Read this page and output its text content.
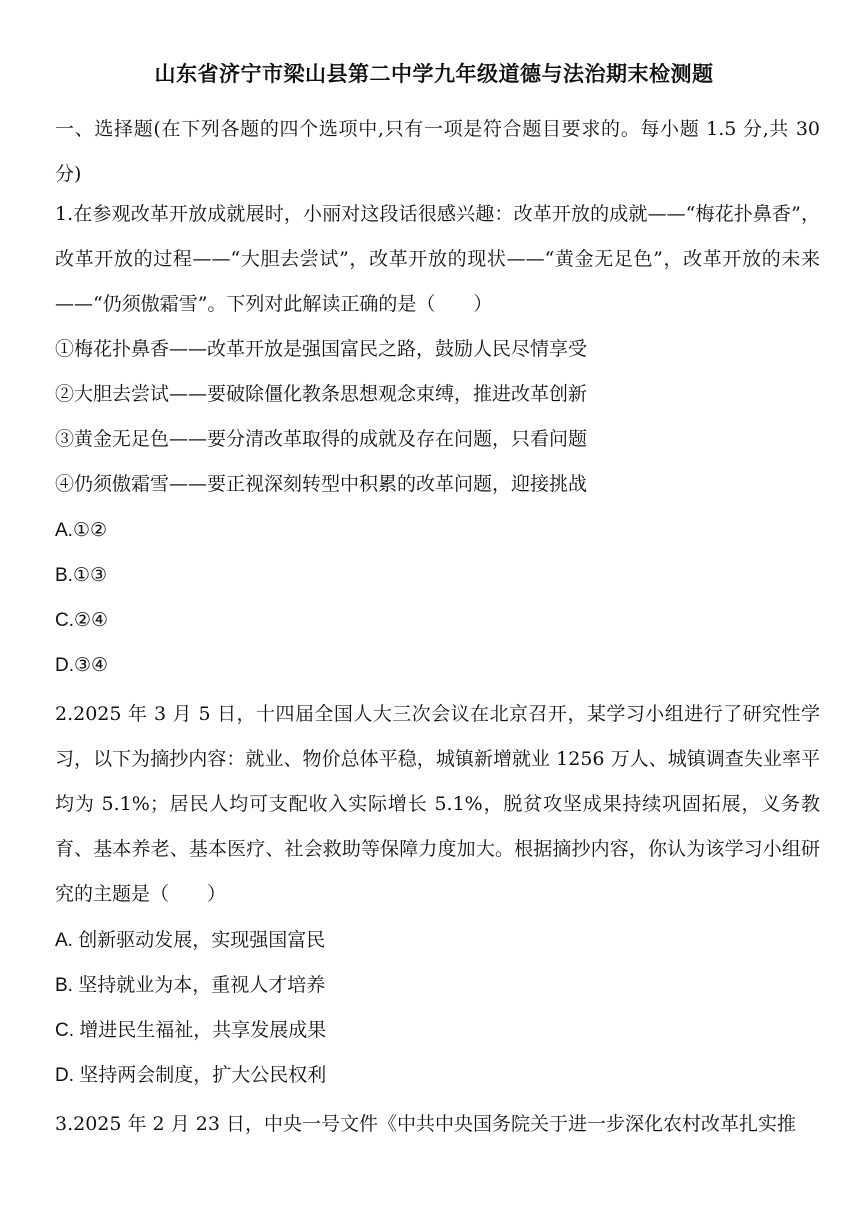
山东省济宁市梁山县第二中学九年级道德与法治期末检测题
一、选择题(在下列各题的四个选项中,只有一项是符合题目要求的。每小题 1.5 分,共 30 分)
1.在参观改革开放成就展时，小丽对这段话很感兴趣：改革开放的成就——“梅花扑鼻香”，改革开放的过程——“大胆去尝试”，改革开放的现状——“黄金无足色”，改革开放的未来——“仍须傲霜雪”。下列对此解读正确的是（　　）
①梅花扑鼻香——改革开放是强国富民之路，鼓励人民尽情享受
②大胆去尝试——要破除僵化教条思想观念束缚，推进改革创新
③黄金无足色——要分清改革取得的成就及存在问题，只看问题
④仍须傲霜雪——要正视深刻转型中积累的改革问题，迎接挑战
A.①②
B.①③
C.②④
D.③④
2.2025 年 3 月 5 日，十四届全国人大三次会议在北京召开，某学习小组进行了研究性学习，以下为摘抄内容：就业、物价总体平稳，城镇新增就业 1256 万人、城镇调查失业率平均为 5.1%；居民人均可支配收入实际增长 5.1%，脱贫攻坚成果持续巩固拓展，义务教育、基本养老、基本医疗、社会救助等保障力度加大。根据摘抄内容，你认为该学习小组研究的主题是（　　）
A. 创新驱动发展，实现强国富民
B. 坚持就业为本，重视人才培养
C. 增进民生福祉，共享发展成果
D. 坚持两会制度，扩大公民权利
3.2025 年 2 月 23 日，中央一号文件《中共中央国务院关于进一步深化农村改革扎实推
